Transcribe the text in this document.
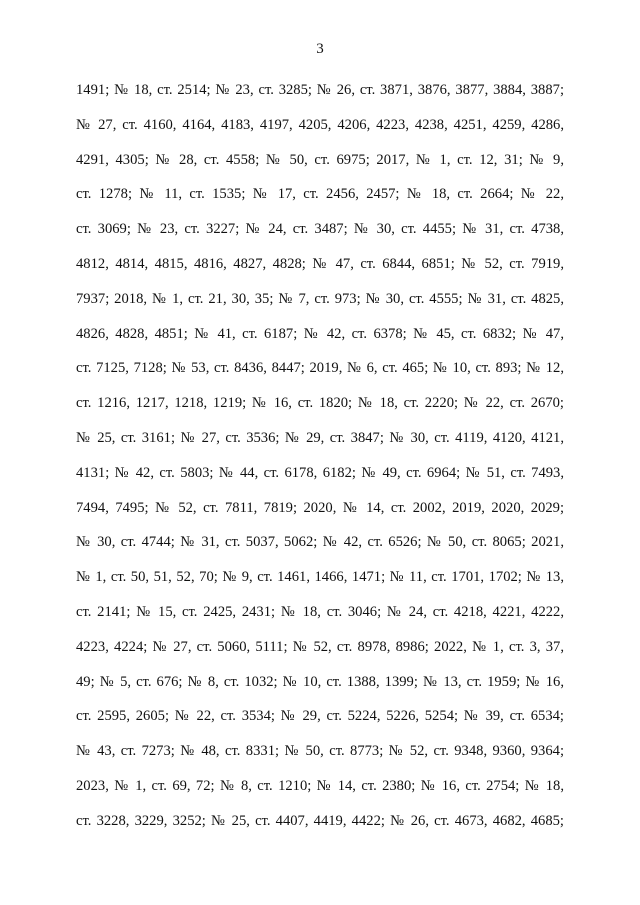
3
1491; № 18, ст. 2514; № 23, ст. 3285; № 26, ст. 3871, 3876, 3877, 3884, 3887;
№ 27, ст. 4160, 4164, 4183, 4197, 4205, 4206, 4223, 4238, 4251, 4259, 4286,
4291, 4305; № 28, ст. 4558; № 50, ст. 6975; 2017, № 1, ст. 12, 31; № 9,
ст. 1278; № 11, ст. 1535; № 17, ст. 2456, 2457; № 18, ст. 2664; № 22,
ст. 3069; № 23, ст. 3227; № 24, ст. 3487; № 30, ст. 4455; № 31, ст. 4738,
4812, 4814, 4815, 4816, 4827, 4828; № 47, ст. 6844, 6851; № 52, ст. 7919,
7937; 2018, № 1, ст. 21, 30, 35; № 7, ст. 973; № 30, ст. 4555; № 31, ст. 4825,
4826, 4828, 4851; № 41, ст. 6187; № 42, ст. 6378; № 45, ст. 6832; № 47,
ст. 7125, 7128; № 53, ст. 8436, 8447; 2019, № 6, ст. 465; № 10, ст. 893; № 12,
ст. 1216, 1217, 1218, 1219; № 16, ст. 1820; № 18, ст. 2220; № 22, ст. 2670;
№ 25, ст. 3161; № 27, ст. 3536; № 29, ст. 3847; № 30, ст. 4119, 4120, 4121,
4131; № 42, ст. 5803; № 44, ст. 6178, 6182; № 49, ст. 6964; № 51, ст. 7493,
7494, 7495; № 52, ст. 7811, 7819; 2020, № 14, ст. 2002, 2019, 2020, 2029;
№ 30, ст. 4744; № 31, ст. 5037, 5062; № 42, ст. 6526; № 50, ст. 8065; 2021,
№ 1, ст. 50, 51, 52, 70; № 9, ст. 1461, 1466, 1471; № 11, ст. 1701, 1702; № 13,
ст. 2141; № 15, ст. 2425, 2431; № 18, ст. 3046; № 24, ст. 4218, 4221, 4222,
4223, 4224; № 27, ст. 5060, 5111; № 52, ст. 8978, 8986; 2022, № 1, ст. 3, 37,
49; № 5, ст. 676; № 8, ст. 1032; № 10, ст. 1388, 1399; № 13, ст. 1959; № 16,
ст. 2595, 2605; № 22, ст. 3534; № 29, ст. 5224, 5226, 5254; № 39, ст. 6534;
№ 43, ст. 7273; № 48, ст. 8331; № 50, ст. 8773; № 52, ст. 9348, 9360, 9364;
2023, № 1, ст. 69, 72; № 8, ст. 1210; № 14, ст. 2380; № 16, ст. 2754; № 18,
ст. 3228, 3229, 3252; № 25, ст. 4407, 4419, 4422; № 26, ст. 4673, 4682, 4685;
